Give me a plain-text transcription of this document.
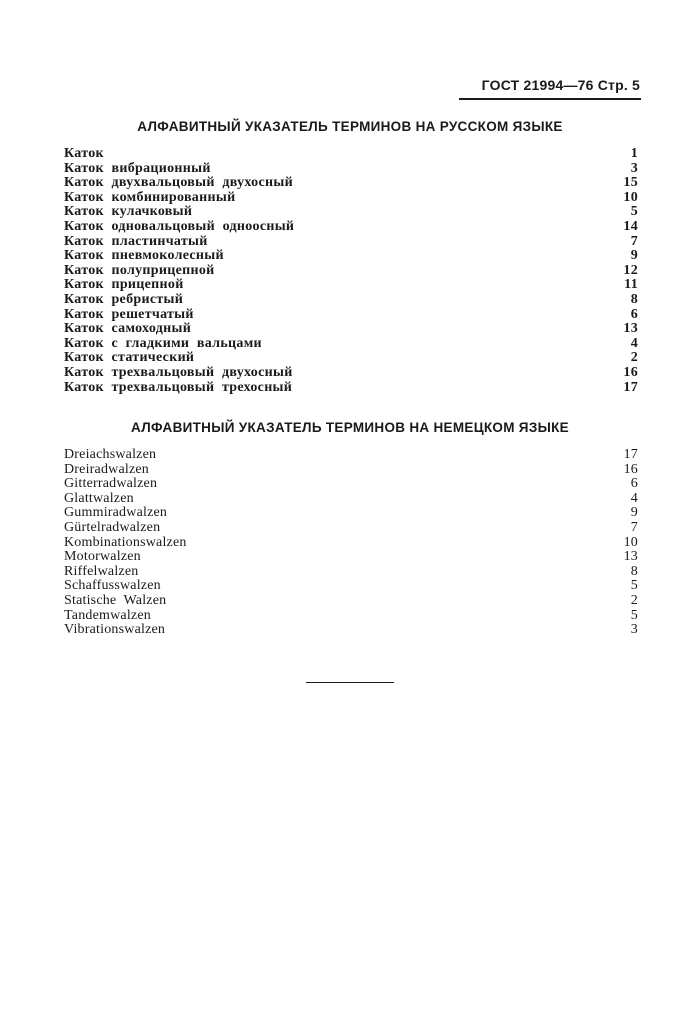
ГОСТ 21994—76 Стр. 5
АЛФАВИТНЫЙ УКАЗАТЕЛЬ ТЕРМИНОВ НА РУССКОМ ЯЗЫКЕ
Каток	1
Каток  вибрационный	3
Каток  двухвальцовый  двухосный	15
Каток  комбинированный	10
Каток  кулачковый	5
Каток  одновальцовый  одноосный	14
Каток  пластинчатый	7
Каток  пневмоколесный	9
Каток  полуприцепной	12
Каток  прицепной	11
Каток  ребристый	8
Каток  решетчатый	6
Каток  самоходный	13
Каток  с  гладкими  вальцами	4
Каток  статический	2
Каток  трехвальцовый  двухосный	16
Каток  трехвальцовый  трехосный	17
АЛФАВИТНЫЙ УКАЗАТЕЛЬ ТЕРМИНОВ НА НЕМЕЦКОМ ЯЗЫКЕ
Dreiachswalzen	17
Dreiradwalzen	16
Gitterradwalzen	6
Glattwalzen	4
Gummiradwalzen	9
Gürtelradwalzen	7
Kombinationswalzen	10
Motorwalzen	13
Riffelwalzen	8
Schaffusswalzen	5
Statische  Walzen	2
Tandemwalzen	5
Vibrationswalzen	3
